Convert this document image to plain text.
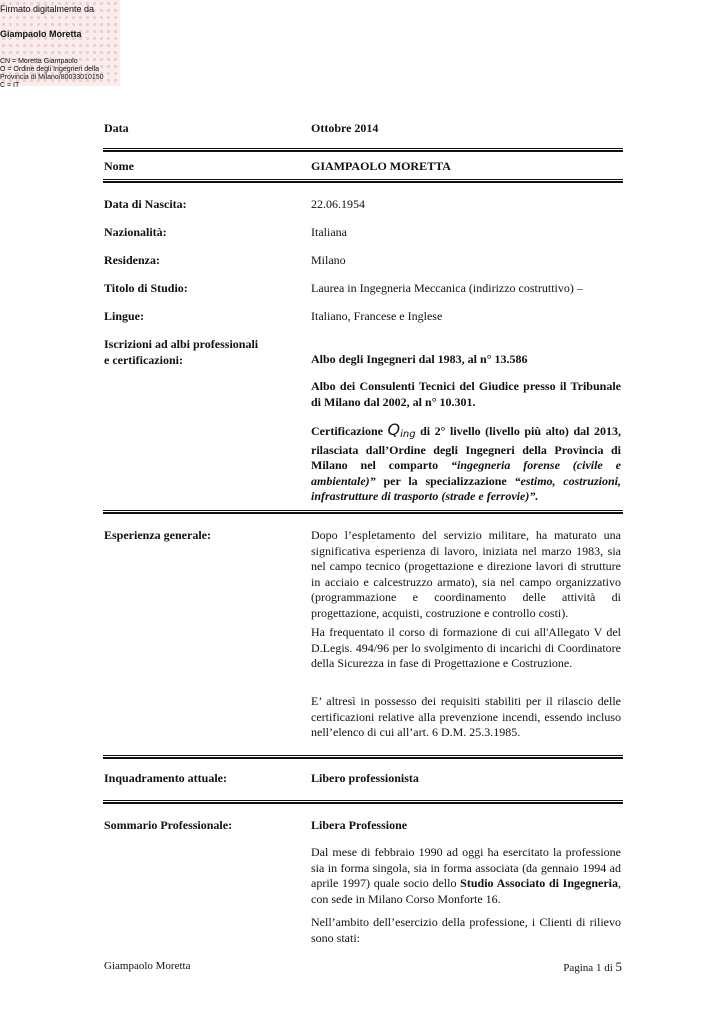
Firmato digitalmente da
Giampaolo Moretta
CN = Moretta Giampaolo
O = Ordine degli Ingegneri della
Provincia di Milano/80033010150
C = IT
Data	Ottobre 2014
Nome	GIAMPAOLO MORETTA
Data di Nascita:	22.06.1954
Nazionalità:	Italiana
Residenza:	Milano
Titolo di Studio:	Laurea in Ingegneria Meccanica (indirizzo costruttivo) –
Lingue:	Italiano, Francese e Inglese
Iscrizioni ad albi professionali
e certificazioni:	Albo degli Ingegneri dal 1983, al n° 13.586
Albo dei Consulenti Tecnici del Giudice presso il Tribunale di Milano dal 2002, al n° 10.301.
Certificazione Qing di 2° livello (livello più alto) dal 2013, rilasciata dall’Ordine degli Ingegneri della Provincia di Milano nel comparto “ingegneria forense (civile e ambientale)” per la specializzazione “estimo, costruzioni, infrastrutture di trasporto (strade e ferrovie)”.
Esperienza generale:	Dopo l’espletamento del servizio militare, ha maturato una significativa esperienza di lavoro, iniziata nel marzo 1983, sia nel campo tecnico (progettazione e direzione lavori di strutture in acciaio e calcestruzzo armato), sia nel campo organizzativo (programmazione e coordinamento delle attività di progettazione, acquisti, costruzione e controllo costi).
Ha frequentato il corso di formazione di cui all'Allegato V del D.Legis. 494/96 per lo svolgimento di incarichi di Coordinatore della Sicurezza in fase di Progettazione e Costruzione.
E’ altresì in possesso dei requisiti stabiliti per il rilascio delle certificazioni relative alla prevenzione incendi, essendo incluso nell’elenco di cui all’art. 6 D.M. 25.3.1985.
Inquadramento attuale:	Libero professionista
Sommario Professionale:	Libera Professione
Dal mese di febbraio 1990 ad oggi ha esercitato la professione sia in forma singola, sia in forma associata (da gennaio 1994 ad aprile 1997) quale socio dello Studio Associato di Ingegneria, con sede in Milano Corso Monforte 16.
Nell’ambito dell’esercizio della professione, i Clienti di rilievo sono stati:
Giampaolo Moretta	Pagina 1 di 5
